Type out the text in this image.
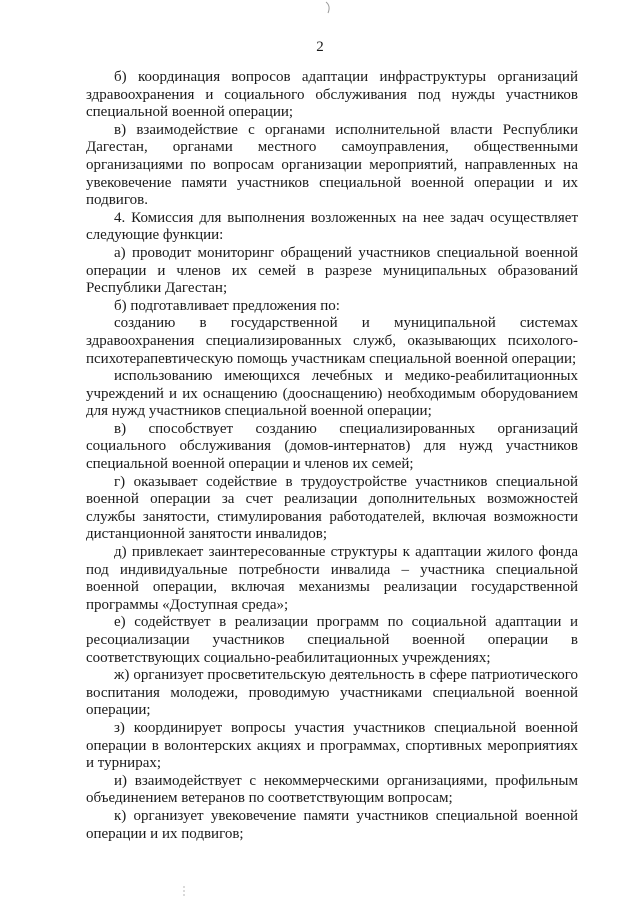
2

б) координация вопросов адаптации инфраструктуры организаций здравоохранения и социального обслуживания под нужды участников специальной военной операции;

в) взаимодействие с органами исполнительной власти Республики Дагестан, органами местного самоуправления, общественными организациями по вопросам организации мероприятий, направленных на увековечение памяти участников специальной военной операции и их подвигов.

4. Комиссия для выполнения возложенных на нее задач осуществляет следующие функции:

а) проводит мониторинг обращений участников специальной военной операции и членов их семей в разрезе муниципальных образований Республики Дагестан;

б) подготавливает предложения по:

созданию в государственной и муниципальной системах здравоохранения специализированных служб, оказывающих психолого-психотерапевтическую помощь участникам специальной военной операции;

использованию имеющихся лечебных и медико-реабилитационных учреждений и их оснащению (дооснащению) необходимым оборудованием для нужд участников специальной военной операции;

в) способствует созданию специализированных организаций социального обслуживания (домов-интернатов) для нужд участников специальной военной операции и членов их семей;

г) оказывает содействие в трудоустройстве участников специальной военной операции за счет реализации дополнительных возможностей службы занятости, стимулирования работодателей, включая возможности дистанционной занятости инвалидов;

д) привлекает заинтересованные структуры к адаптации жилого фонда под индивидуальные потребности инвалида – участника специальной военной операции, включая механизмы реализации государственной программы «Доступная среда»;

е) содействует в реализации программ по социальной адаптации и ресоциализации участников специальной военной операции в соответствующих социально-реабилитационных учреждениях;

ж) организует просветительскую деятельность в сфере патриотического воспитания молодежи, проводимую участниками специальной военной операции;

з) координирует вопросы участия участников специальной военной операции в волонтерских акциях и программах, спортивных мероприятиях и турнирах;

и) взаимодействует с некоммерческими организациями, профильным объединением ветеранов по соответствующим вопросам;

к) организует увековечение памяти участников специальной военной операции и их подвигов;
